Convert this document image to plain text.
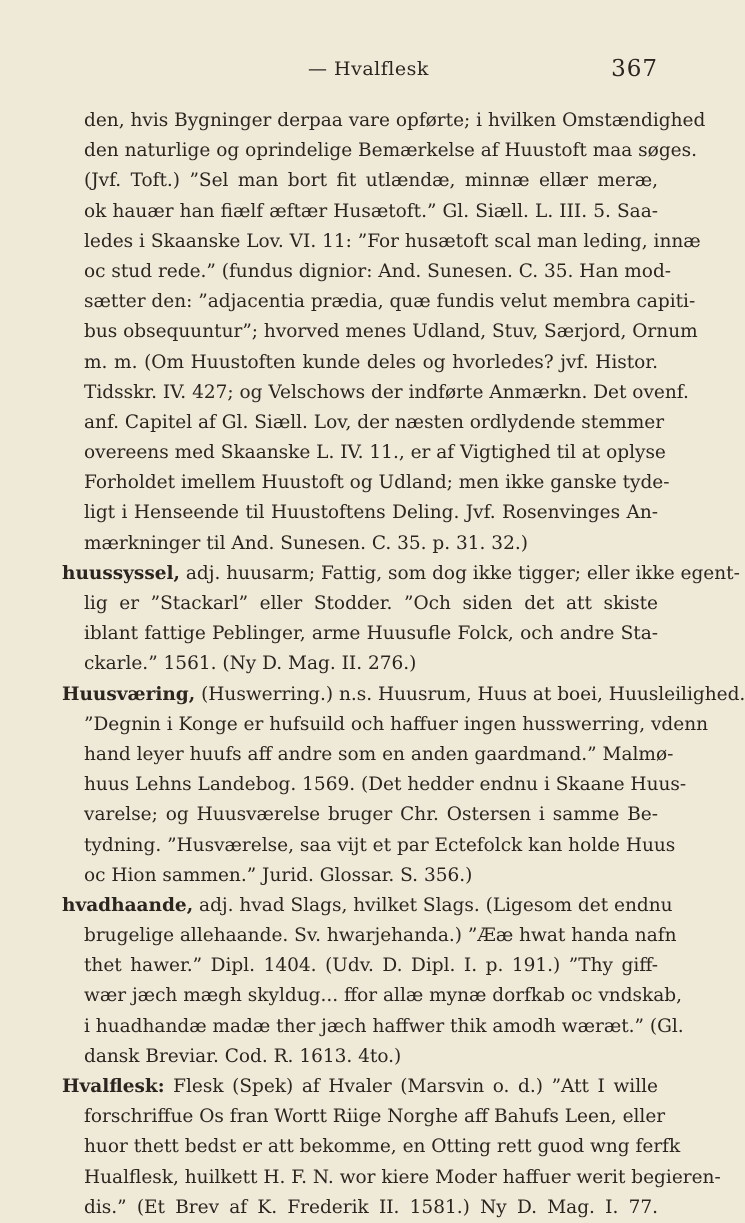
— Hvalflesk	367
den, hvis Bygninger derpaa vare opførte; i hvilken Omstændighed
den naturlige og oprindelige Bemærkelse af Huustoft maa søges.
(Jvf. Toft.) ”Sel man bort fit utlændæ, minnæ ellær meræ,
ok hauær han fiælf æftær Husætoft.” Gl. Siæll. L. III. 5. Saa-
ledes i Skaanske Lov. VI. 11: ”For husætoft scal man leding, innæ
oc stud rede.” (fundus dignior: And. Sunesen. C. 35. Han mod-
sætter den: ”adjacentia prædia, quæ fundis velut membra capiti-
bus obsequuntur”; hvorved menes Udland, Stuv, Særjord, Ornum
m. m. (Om Huustoften kunde deles og hvorledes? jvf. Histor.
Tidsskr. IV. 427; og Velschows der indførte Anmærkn. Det ovenf.
anf. Capitel af Gl. Siæll. Lov, der næsten ordlydende stemmer
overeens med Skaanske L. IV. 11., er af Vigtighed til at oplyse
Forholdet imellem Huustoft og Udland; men ikke ganske tyde-
ligt i Henseende til Huustoftens Deling. Jvf. Rosenvinges An-
mærkninger til And. Sunesen. C. 35. p. 31. 32.)
huussyssel, adj. huusarm; Fattig, som dog ikke tigger; eller ikke egent-
lig er ”Stackarl” eller Stodder. ”Och siden det att skiste
iblant fattige Peblinger, arme Huusufle Folck, och andre Sta-
ckarle.” 1561. (Ny D. Mag. II. 276.)
Huusværing, (Huswerring.) n.s. Huusrum, Huus at boei, Huusleilighed.
”Degnin i Konge er hufsuild och haffuer ingen husswerring, vdenn
hand leyer huufs aff andre som en anden gaardmand.” Malmø-
huus Lehns Landebog. 1569. (Det hedder endnu i Skaane Huus-
varelse; og Huusværelse bruger Chr. Ostersen i samme Be-
tydning. ”Husværelse, saa vijt et par Ectefolck kan holde Huus
oc Hion sammen.” Jurid. Glossar. S. 356.)
hvadhaande, adj. hvad Slags, hvilket Slags. (Ligesom det endnu
brugelige allehaande. Sv. hwarjehanda.) ”Ææ hwat handa nafn
thet hawer.” Dipl. 1404. (Udv. D. Dipl. I. p. 191.) ”Thy giff-
wær jæch mægh skyldug... ffor allæ mynæ dorfkab oc vndskab,
i huadhandæ madæ ther jæch haffwer thik amodh wæræt.” (Gl.
dansk Breviar. Cod. R. 1613. 4to.)
Hvalflesk: Flesk (Spek) af Hvaler (Marsvin o. d.) ”Att I wille
forschriffue Os fran Wortt Riige Norghe aff Bahufs Leen, eller
huor thett bedst er att bekomme, en Otting rett guod wng ferfk
Hualflesk, huilkett H. F. N. wor kiere Moder haffuer werit begieren-
dis.” (Et Brev af K. Frederik II. 1581.) Ny D. Mag. I. 77.
